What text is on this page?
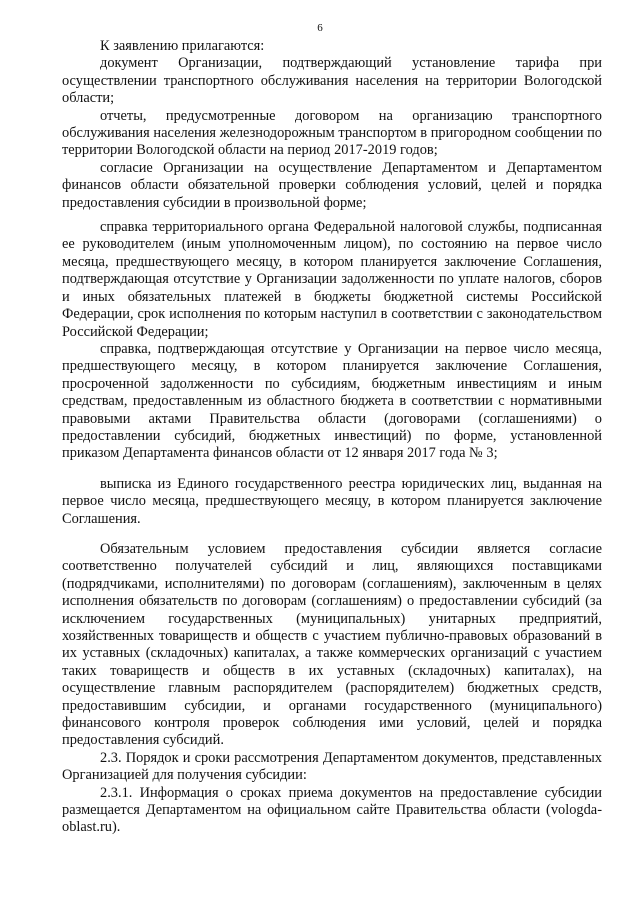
6

К заявлению прилагаются:

документ Организации, подтверждающий установление тарифа при осуществлении транспортного обслуживания населения на территории Вологодской области;

отчеты, предусмотренные договором на организацию транспортного обслуживания населения железнодорожным транспортом в пригородном сообщении по территории Вологодской области на период 2017-2019 годов;

согласие Организации на осуществление Департаментом и Департаментом финансов области обязательной проверки соблюдения условий, целей и порядка предоставления субсидии в произвольной форме;

справка территориального органа Федеральной налоговой службы, подписанная ее руководителем (иным уполномоченным лицом), по состоянию на первое число месяца, предшествующего месяцу, в котором планируется заключение Соглашения, подтверждающая отсутствие у Организации задолженности по уплате налогов, сборов и иных обязательных платежей в бюджеты бюджетной системы Российской Федерации, срок исполнения по которым наступил в соответствии с законодательством Российской Федерации;

справка, подтверждающая отсутствие у Организации на первое число месяца, предшествующего месяцу, в котором планируется заключение Соглашения, просроченной задолженности по субсидиям, бюджетным инвестициям и иным средствам, предоставленным из областного бюджета в соответствии с нормативными правовыми актами Правительства области (договорами (соглашениями) о предоставлении субсидий, бюджетных инвестиций) по форме, установленной приказом Департамента финансов области от 12 января 2017 года № 3;

выписка из Единого государственного реестра юридических лиц, выданная на первое число месяца, предшествующего месяцу, в котором планируется заключение Соглашения.

Обязательным условием предоставления субсидии является согласие соответственно получателей субсидий и лиц, являющихся поставщиками (подрядчиками, исполнителями) по договорам (соглашениям), заключенным в целях исполнения обязательств по договорам (соглашениям) о предоставлении субсидий (за исключением государственных (муниципальных) унитарных предприятий, хозяйственных товариществ и обществ с участием публично-правовых образований в их уставных (складочных) капиталах, а также коммерческих организаций с участием таких товариществ и обществ в их уставных (складочных) капиталах), на осуществление главным распорядителем (распорядителем) бюджетных средств, предоставившим субсидии, и органами государственного (муниципального) финансового контроля проверок соблюдения ими условий, целей и порядка предоставления субсидий.

2.3. Порядок и сроки рассмотрения Департаментом документов, представленных Организацией для получения субсидии:

2.3.1. Информация о сроках приема документов на предоставление субсидии размещается Департаментом на официальном сайте Правительства области (vologda-oblast.ru).
